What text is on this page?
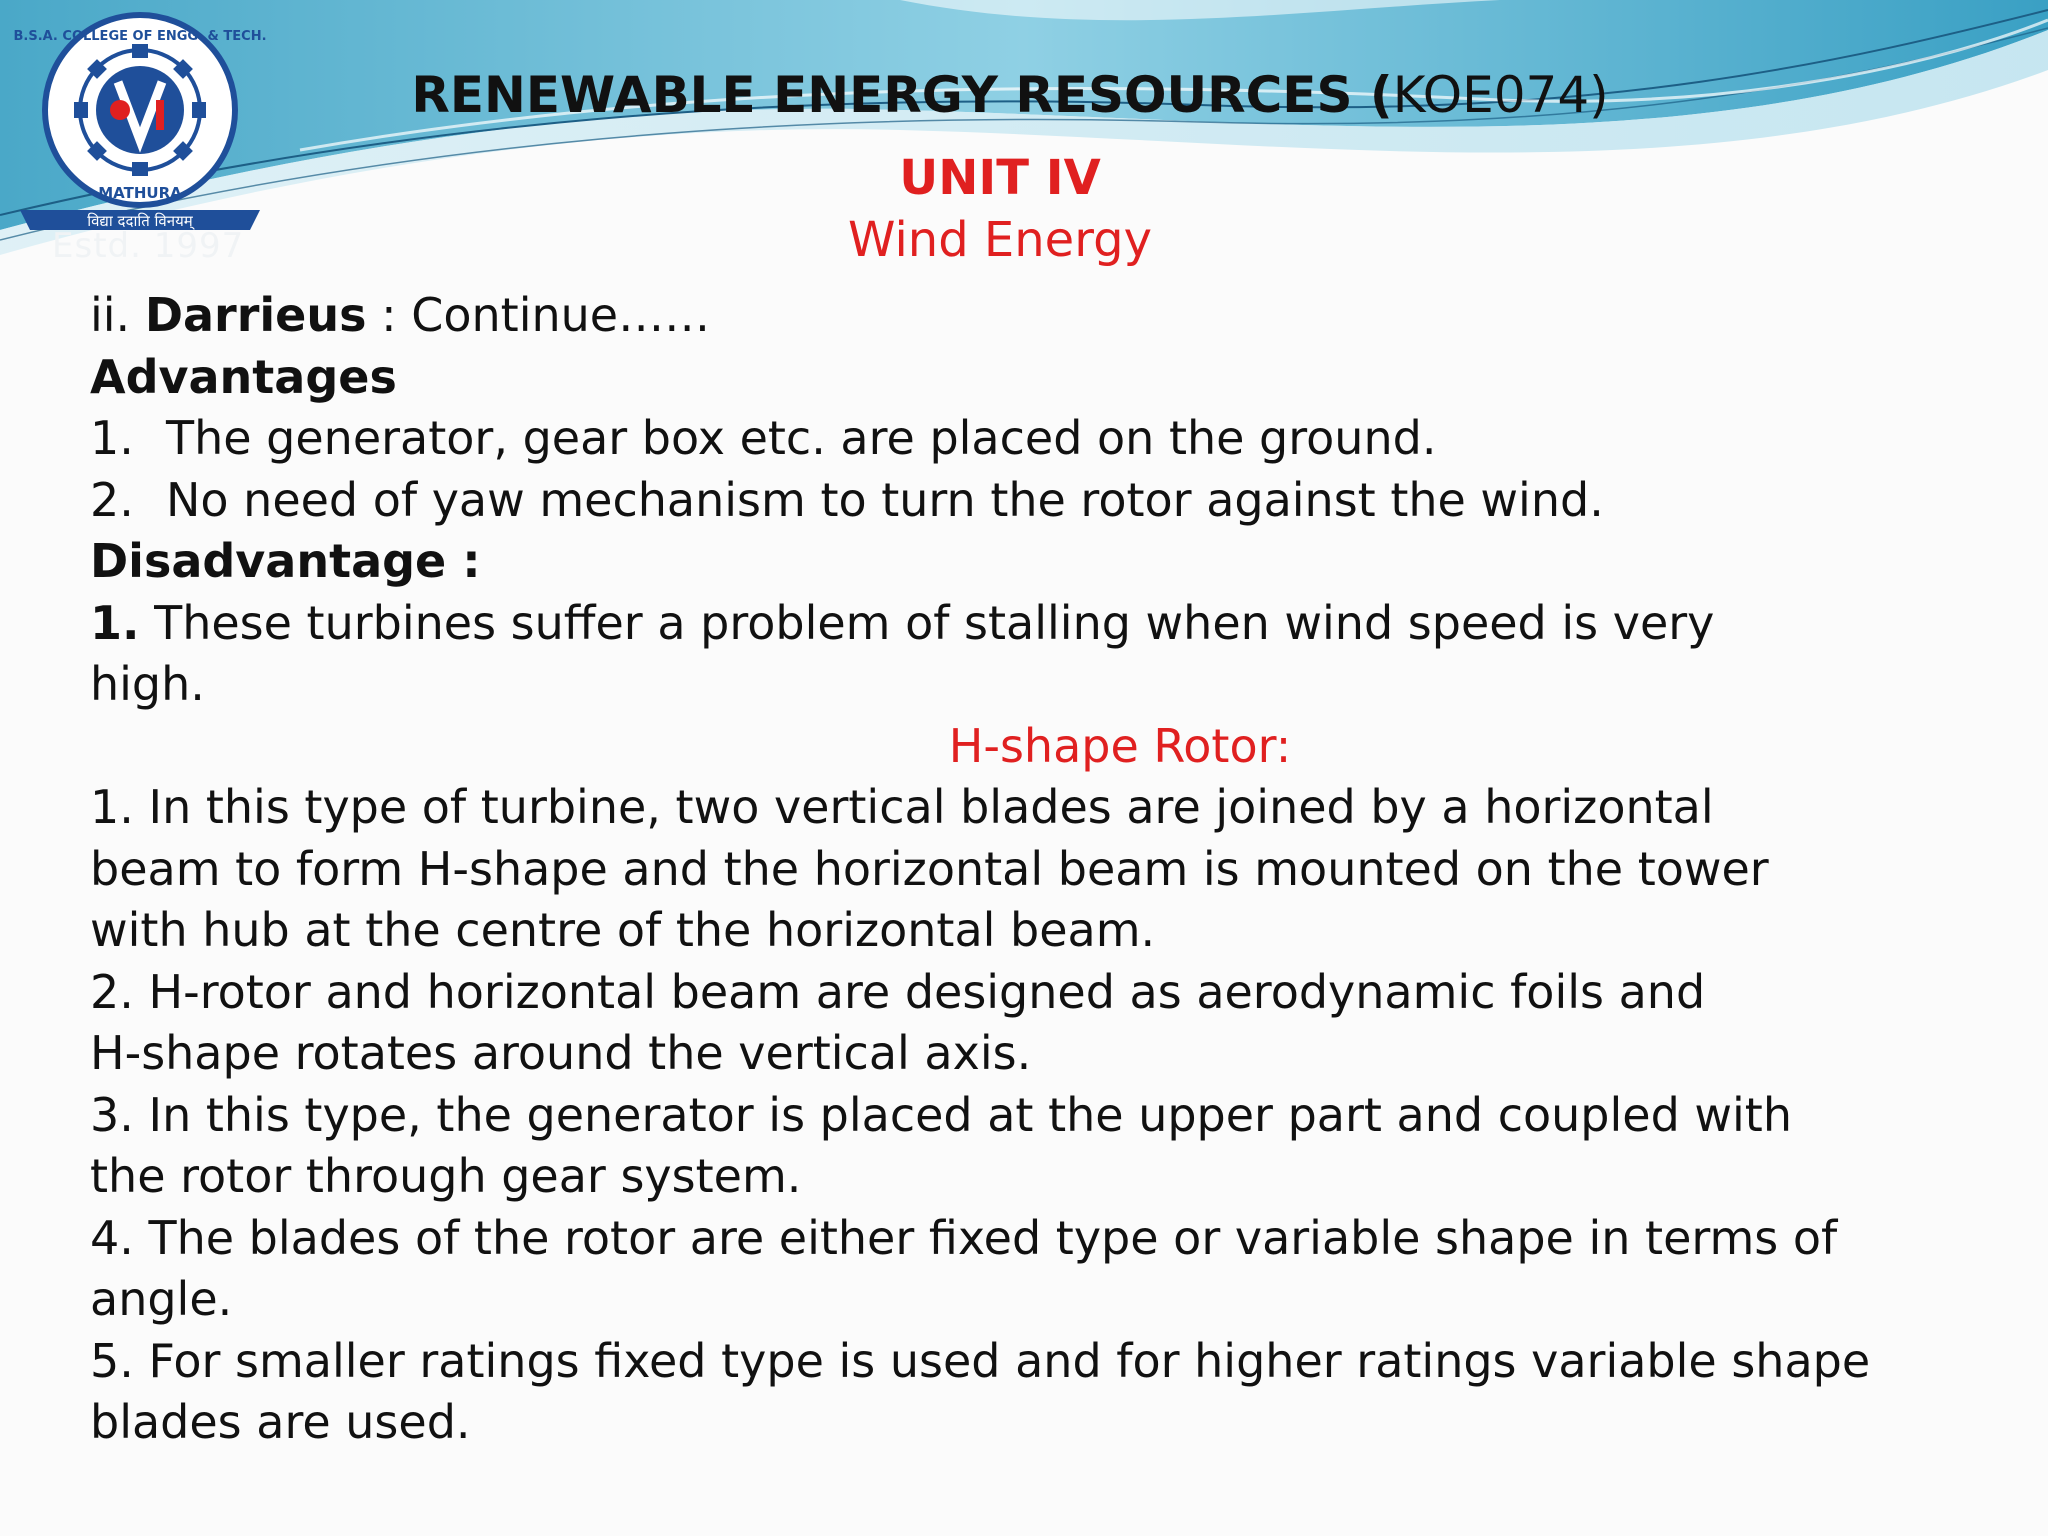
B.S.A. COLLEGE OF ENGG. & TECH.
MATHURA
विद्या ददाति विनयम्
Estd. 1997
RENEWABLE ENERGY RESOURCES (KOE074)
UNIT IV
Wind Energy
ii. Darrieus : Continue……
Advantages
1. The generator, gear box etc. are placed on the ground.
2. No need of yaw mechanism to turn the rotor against the wind.
Disadvantage :
1. These turbines suffer a problem of stalling when wind speed is very
high.
H-shape Rotor:
1. In this type of turbine, two vertical blades are joined by a horizontal
beam to form H-shape and the horizontal beam is mounted on the tower
with hub at the centre of the horizontal beam.
2. H-rotor and horizontal beam are designed as aerodynamic foils and
H-shape rotates around the vertical axis.
3. In this type, the generator is placed at the upper part and coupled with
the rotor through gear system.
4. The blades of the rotor are either fixed type or variable shape in terms of
angle.
5. For smaller ratings fixed type is used and for higher ratings variable shape
blades are used.
